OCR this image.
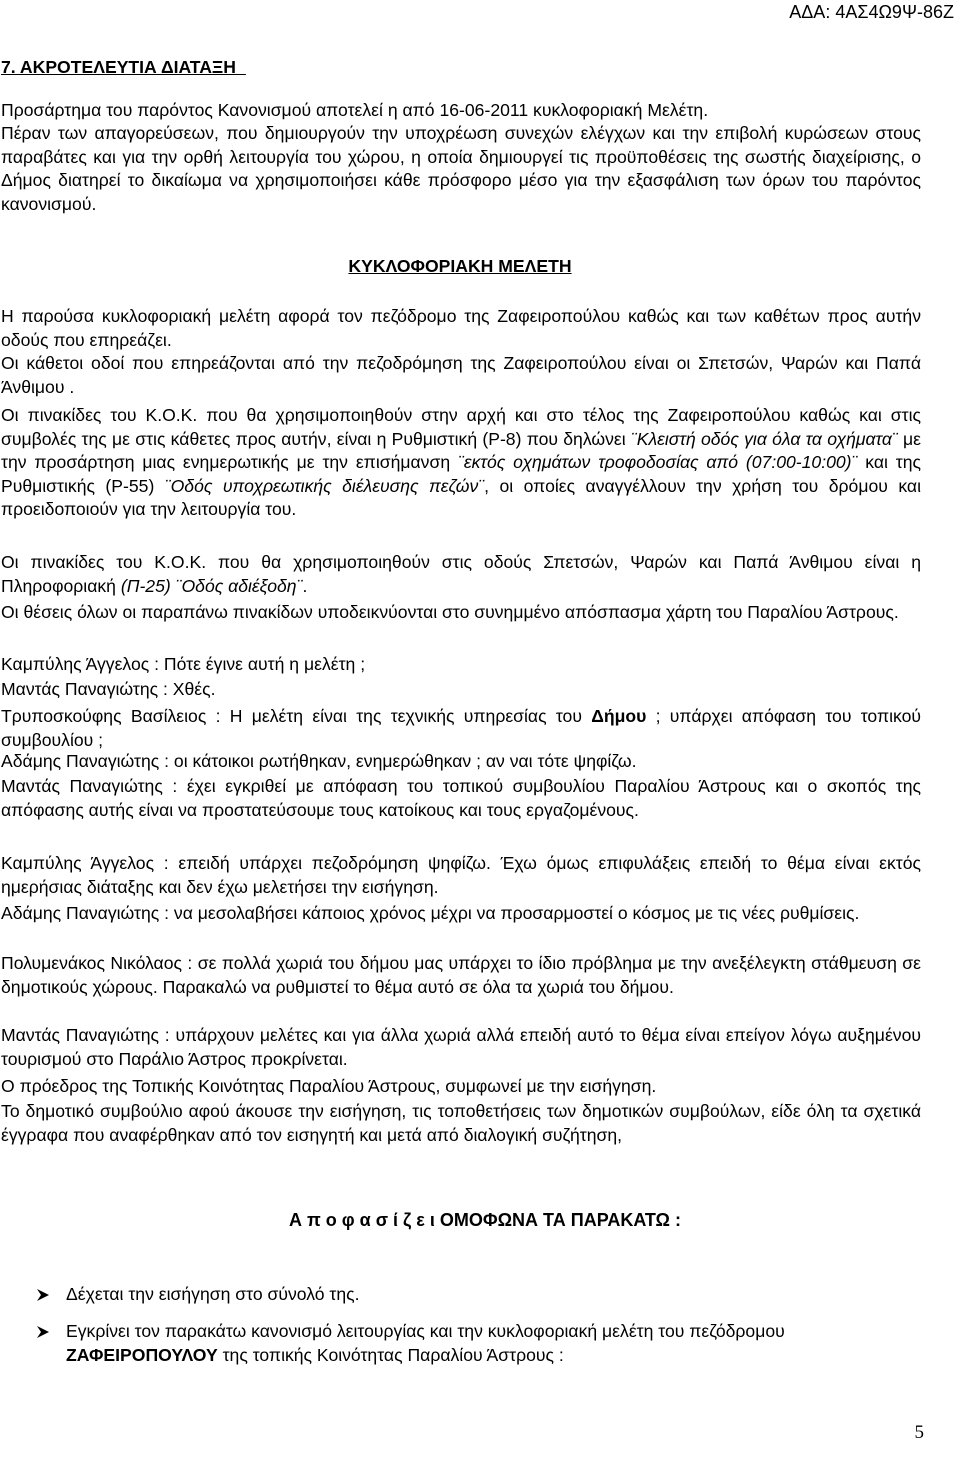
ΑΔΑ: 4ΑΣ4Ω9Ψ-86Ζ
7. ΑΚΡΟΤΕΛΕΥΤΙΑ ΔΙΑΤΑΞΗ
Προσάρτημα του παρόντος Κανονισμού αποτελεί η από 16-06-2011 κυκλοφοριακή Μελέτη.
Πέραν των απαγορεύσεων, που δημιουργούν την υποχρέωση συνεχών ελέγχων και την επιβολή κυρώσεων στους παραβάτες και για την ορθή λειτουργία του χώρου, η οποία δημιουργεί τις προϋποθέσεις της σωστής διαχείρισης, ο Δήμος διατηρεί το δικαίωμα να χρησιμοποιήσει κάθε πρόσφορο μέσο για την εξασφάλιση των όρων του παρόντος κανονισμού.
ΚΥΚΛΟΦΟΡΙΑΚΗ ΜΕΛΕΤΗ
Η παρούσα κυκλοφοριακή μελέτη αφορά τον πεζόδρομο της Ζαφειροπούλου καθώς και των καθέτων προς αυτήν οδούς που επηρεάζει.
Οι κάθετοι οδοί που επηρεάζονται από την πεζοδρόμηση της Ζαφειροπούλου είναι οι Σπετσών, Ψαρών και Παπά Άνθιμου .
Οι πινακίδες του Κ.Ο.Κ. που θα χρησιμοποιηθούν στην αρχή και στο τέλος της Ζαφειροπούλου καθώς και στις συμβολές της με στις κάθετες προς αυτήν, είναι η Ρυθμιστική (Ρ-8) που δηλώνει ¨Κλειστή οδός για όλα τα οχήματα¨ με την προσάρτηση μιας ενημερωτικής με την επισήμανση ¨εκτός οχημάτων τροφοδοσίας από (07:00-10:00)¨ και της Ρυθμιστικής (Ρ-55) ¨Οδός υποχρεωτικής διέλευσης πεζών¨, οι οποίες αναγγέλλουν την χρήση του δρόμου και προειδοποιούν για την λειτουργία του.
Οι πινακίδες του Κ.Ο.Κ. που θα χρησιμοποιηθούν στις οδούς Σπετσών, Ψαρών και Παπά Άνθιμου είναι η Πληροφοριακή (Π-25) ¨Οδός αδιέξοδη¨.
Οι θέσεις όλων οι παραπάνω πινακίδων υποδεικνύονται στο συνημμένο απόσπασμα χάρτη του Παραλίου Άστρους.
Καμπύλης Άγγελος : Πότε έγινε αυτή η μελέτη ;
Μαντάς Παναγιώτης : Χθές.
Τρυποσκούφης Βασίλειος : Η μελέτη είναι της τεχνικής υπηρεσίας του Δήμου ; υπάρχει απόφαση του τοπικού συμβουλίου ;
Αδάμης Παναγιώτης : οι κάτοικοι ρωτήθηκαν, ενημερώθηκαν ; αν ναι τότε ψηφίζω.
Μαντάς Παναγιώτης : έχει εγκριθεί με απόφαση του τοπικού συμβουλίου Παραλίου Άστρους και ο σκοπός της απόφασης αυτής είναι να προστατεύσουμε τους κατοίκους και τους εργαζομένους.
Καμπύλης Άγγελος : επειδή υπάρχει πεζοδρόμηση ψηφίζω. Έχω όμως επιφυλάξεις επειδή το θέμα είναι εκτός ημερήσιας διάταξης και δεν έχω μελετήσει την εισήγηση.
Αδάμης Παναγιώτης : να μεσολαβήσει κάποιος χρόνος μέχρι να προσαρμοστεί ο κόσμος με τις νέες ρυθμίσεις.
Πολυμενάκος Νικόλαος : σε πολλά χωριά του δήμου μας υπάρχει το ίδιο πρόβλημα με την ανεξέλεγκτη στάθμευση σε δημοτικούς χώρους. Παρακαλώ να ρυθμιστεί το θέμα αυτό σε όλα τα χωριά του δήμου.
Μαντάς Παναγιώτης : υπάρχουν μελέτες και για άλλα χωριά αλλά επειδή αυτό το θέμα είναι επείγον λόγω αυξημένου τουρισμού στο Παράλιο Άστρος προκρίνεται.
Ο πρόεδρος της Τοπικής Κοινότητας Παραλίου Άστρους, συμφωνεί με την εισήγηση.
Το δημοτικό συμβούλιο αφού άκουσε την εισήγηση, τις τοποθετήσεις των δημοτικών συμβούλων, είδε όλη τα σχετικά έγγραφα που αναφέρθηκαν από τον εισηγητή και μετά από διαλογική συζήτηση,
Α π ο φ α σ ί ζ ε ι ΟΜΟΦΩΝΑ ΤΑ ΠΑΡΑΚΑΤΩ :
Δέχεται την εισήγηση στο σύνολό της.
Εγκρίνει τον παρακάτω κανονισμό λειτουργίας και την κυκλοφοριακή μελέτη του πεζόδρομου ΖΑΦΕΙΡΟΠΟΥΛΟΥ της τοπικής Κοινότητας Παραλίου Άστρους :
5
